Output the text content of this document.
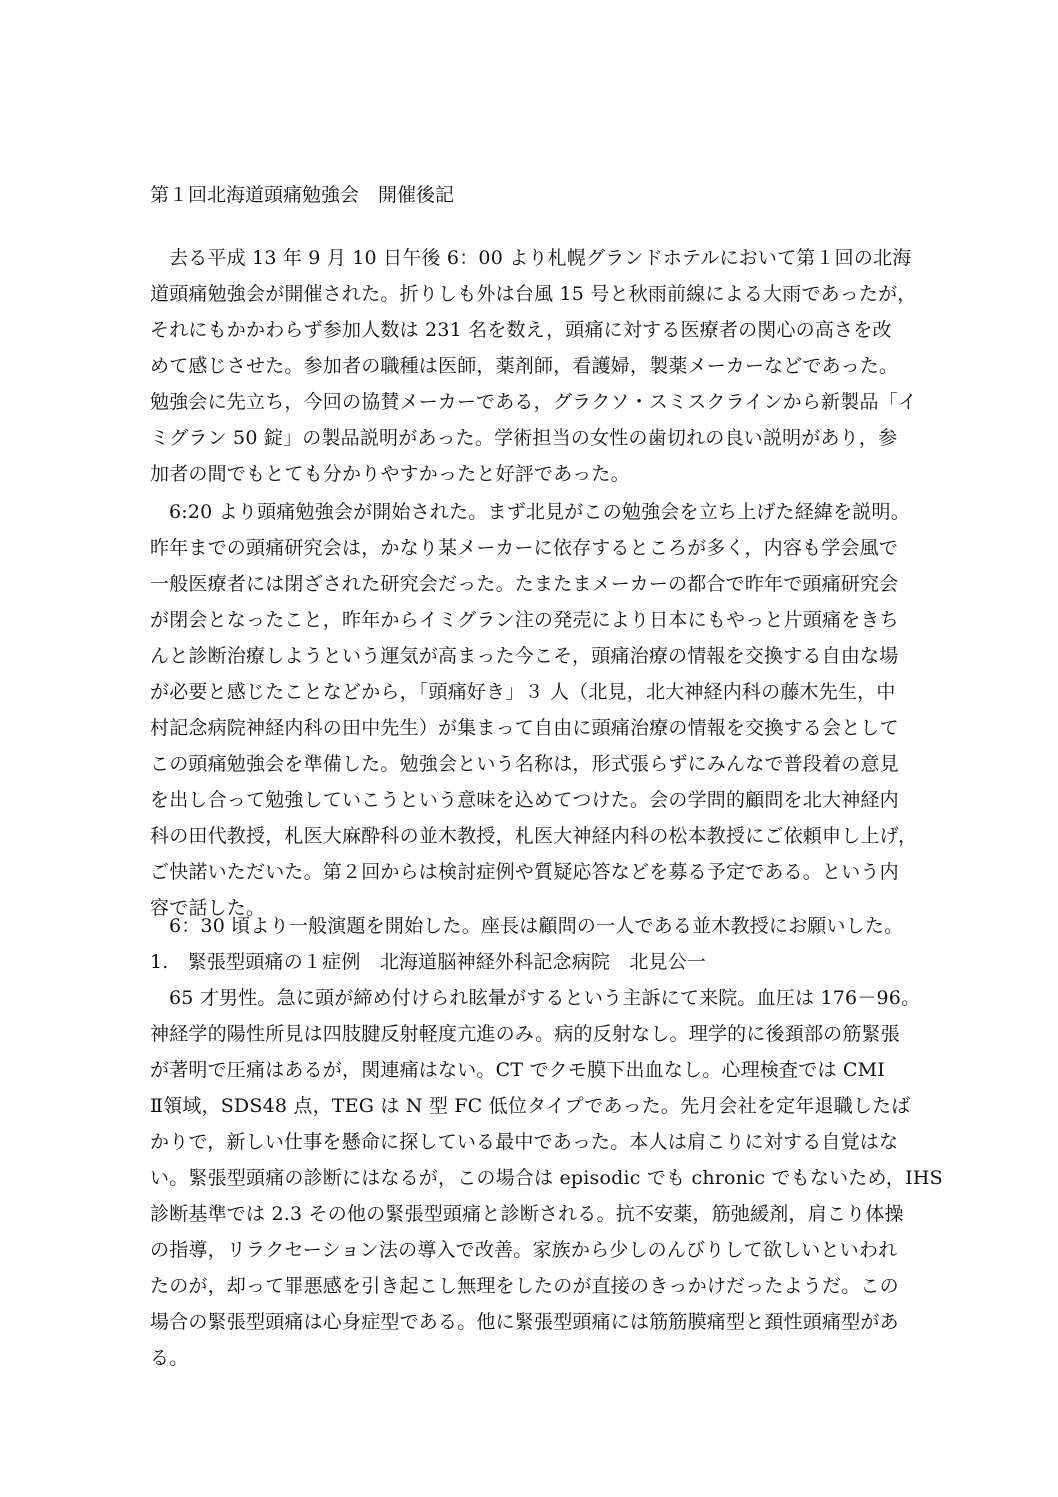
第１回北海道頭痛勉強会　開催後記
去る平成 13 年 9 月 10 日午後 6：00 より札幌グランドホテルにおいて第１回の北海
道頭痛勉強会が開催された。折りしも外は台風 15 号と秋雨前線による大雨であったが，
それにもかかわらず参加人数は 231 名を数え，頭痛に対する医療者の関心の高さを改
めて感じさせた。参加者の職種は医師，薬剤師，看護婦，製薬メーカーなどであった。
勉強会に先立ち，今回の協賛メーカーである，グラクソ・スミスクラインから新製品「イ
ミグラン 50 錠」の製品説明があった。学術担当の女性の歯切れの良い説明があり，参
加者の間でもとても分かりやすかったと好評であった。
6:20 より頭痛勉強会が開始された。まず北見がこの勉強会を立ち上げた経緯を説明。
昨年までの頭痛研究会は，かなり某メーカーに依存するところが多く，内容も学会風で
一般医療者には閉ざされた研究会だった。たまたまメーカーの都合で昨年で頭痛研究会
が閉会となったこと，昨年からイミグラン注の発売により日本にもやっと片頭痛をきち
んと診断治療しようという運気が高まった今こそ，頭痛治療の情報を交換する自由な場
が必要と感じたことなどから，「頭痛好き」３ 人（北見，北大神経内科の藤木先生，中
村記念病院神経内科の田中先生）が集まって自由に頭痛治療の情報を交換する会として
この頭痛勉強会を準備した。勉強会という名称は，形式張らずにみんなで普段着の意見
を出し合って勉強していこうという意味を込めてつけた。会の学問的顧問を北大神経内
科の田代教授，札医大麻酔科の並木教授，札医大神経内科の松本教授にご依頼申し上げ，
ご快諾いただいた。第２回からは検討症例や質疑応答などを募る予定である。という内
容で話した。
6：30 頃より一般演題を開始した。座長は顧問の一人である並木教授にお願いした。
1.　緊張型頭痛の１症例　北海道脳神経外科記念病院　北見公一
65 才男性。急に頭が締め付けられ眩暈がするという主訴にて来院。血圧は 176－96。
神経学的陽性所見は四肢腱反射軽度亢進のみ。病的反射なし。理学的に後頚部の筋緊張
が著明で圧痛はあるが，関連痛はない。CT でクモ膜下出血なし。心理検査では CMI
Ⅱ領域，SDS48 点，TEG は N 型 FC 低位タイプであった。先月会社を定年退職したば
かりで，新しい仕事を懸命に探している最中であった。本人は肩こりに対する自覚はな
い。緊張型頭痛の診断にはなるが，この場合は episodic でも chronic でもないため，IHS
診断基準では 2.3 その他の緊張型頭痛と診断される。抗不安薬，筋弛緩剤，肩こり体操
の指導，リラクセーション法の導入で改善。家族から少しのんびりして欲しいといわれ
たのが，却って罪悪感を引き起こし無理をしたのが直接のきっかけだったようだ。この
場合の緊張型頭痛は心身症型である。他に緊張型頭痛には筋筋膜痛型と頚性頭痛型があ
る。
